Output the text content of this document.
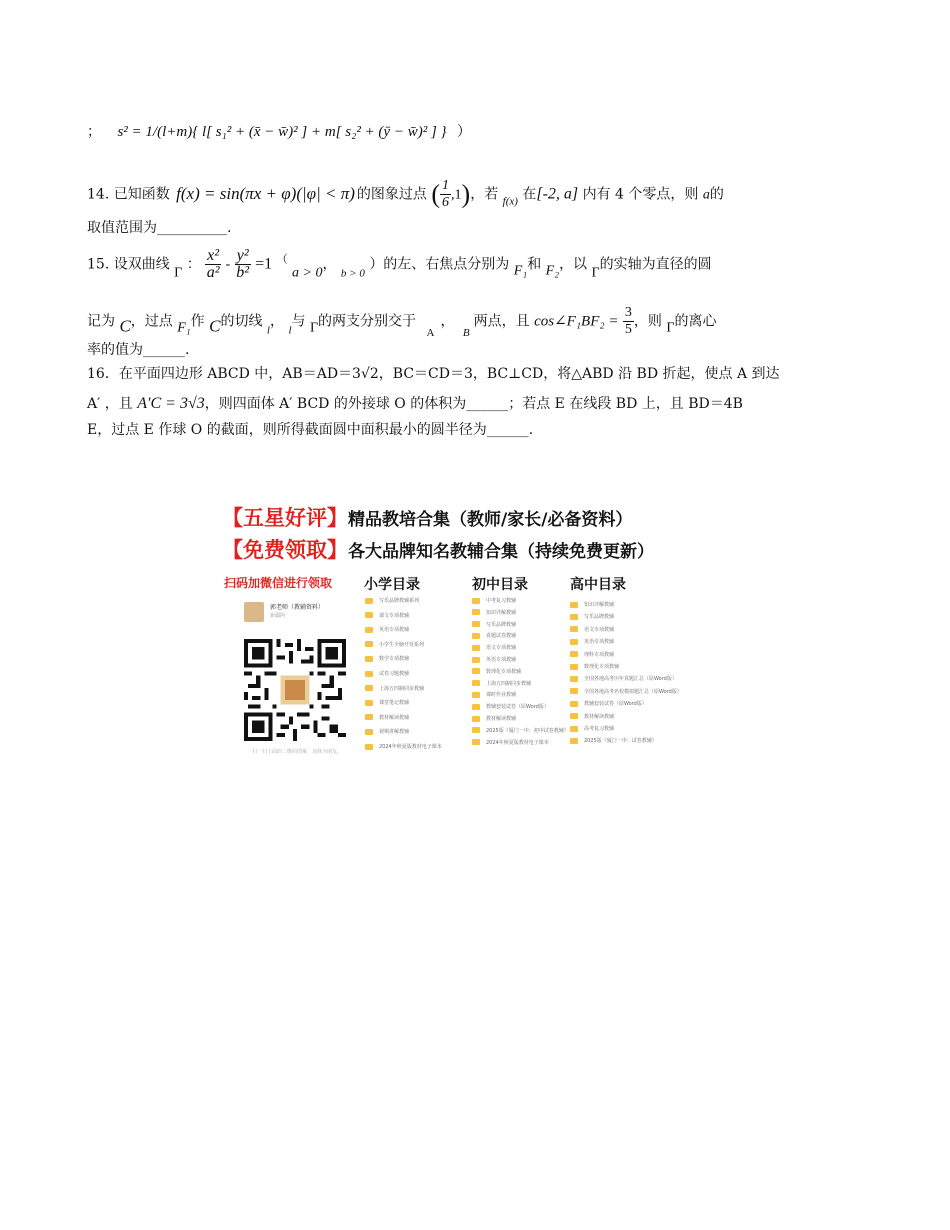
； s² = 1/(l+m){ l[ s₁² + (x̄ − w̄)² ] + m[ s₂² + (ȳ − w̄)² ] } ）
14. 已知函数 f(x) = sin(πx + φ)(|φ| < π) 的图象过点 ( $\frac{1}{6} ,1$)，若 $_{f(x)}$ 在[-2, a] 内有 4 个零点，则 a的
取值范围为__________.
15. 设双曲线 Γ ： $\frac{\text{x²}}{\text{a²}} - \frac{\text{y²}}{\text{b²}} =1$ （ a > 0， $_{b > 0}$ ）的左、右焦点分别为 F₁和 F₂，以 Γ的实轴为直径的圆
记为 C，过点 F₁作 C的切线 $_l$， $_l$与 Γ的两支分别交于 $_A$， $_B$两点，且 cos∠F₁BF₂ = $\frac{3}{5}$ ，则 Γ的离心
率的值为______.
16．在平面四边形 ABCD 中，AB＝AD＝3√2，BC＝CD＝3，BC⊥CD，将△ABD 沿 BD 折起，使点 A 到达
A′ ，且 A′C = 3√3，则四面体 A′ BCD 的外接球 O 的体积为______；若点 E 在线段 BD 上，且 BD＝4B
E，过点 E 作球 O 的截面，则所得截面圆中面积最小的圆半径为______.
【五星好评】精品教培合集（教师/家长/必备资料）
【免费领取】各大品牌知名教辅合集（持续免费更新）
扫码加微信进行领取
郭老师（教辅资料）
新疆阿
扫一扫上面的二维码图案，加我为朋友。
小学目录	初中目录	高中目录
写乐品牌教辅系列
课文专项教辅
英语专项教辅
小学生全脑开发系列
数学专项教辅
试卷习题教辅
上海五四制同步教辅
课堂笔记教辅
教材解读教辅
视频讲解教辅
2024年秋夏版教材电子课本
中考复习教辅
知识详解教辅
写乐品牌教辅
真题试卷教辅
语文专项教辅
英语专项教辅
数理化专项教辅
上海五四制同步教辅
课时作业教辅
教辅套装试卷（原Word版）
教材解读教辅
2025版《厦门一中：初中试卷教辅》
2024年秋夏版教材电子课本
知识详解教辅
写乐品牌教辅
语文专项教辅
英语专项教辅
理科专项教辅
数理化专项教辅
全国各地高考历年真题汇总（原Word版）
全国各地高考名校模拟题汇总（原Word版）
教辅套装试卷（原Word版）
教材解读教辅
高考复习教辅
2025版《厦门一中：试卷教辅》
